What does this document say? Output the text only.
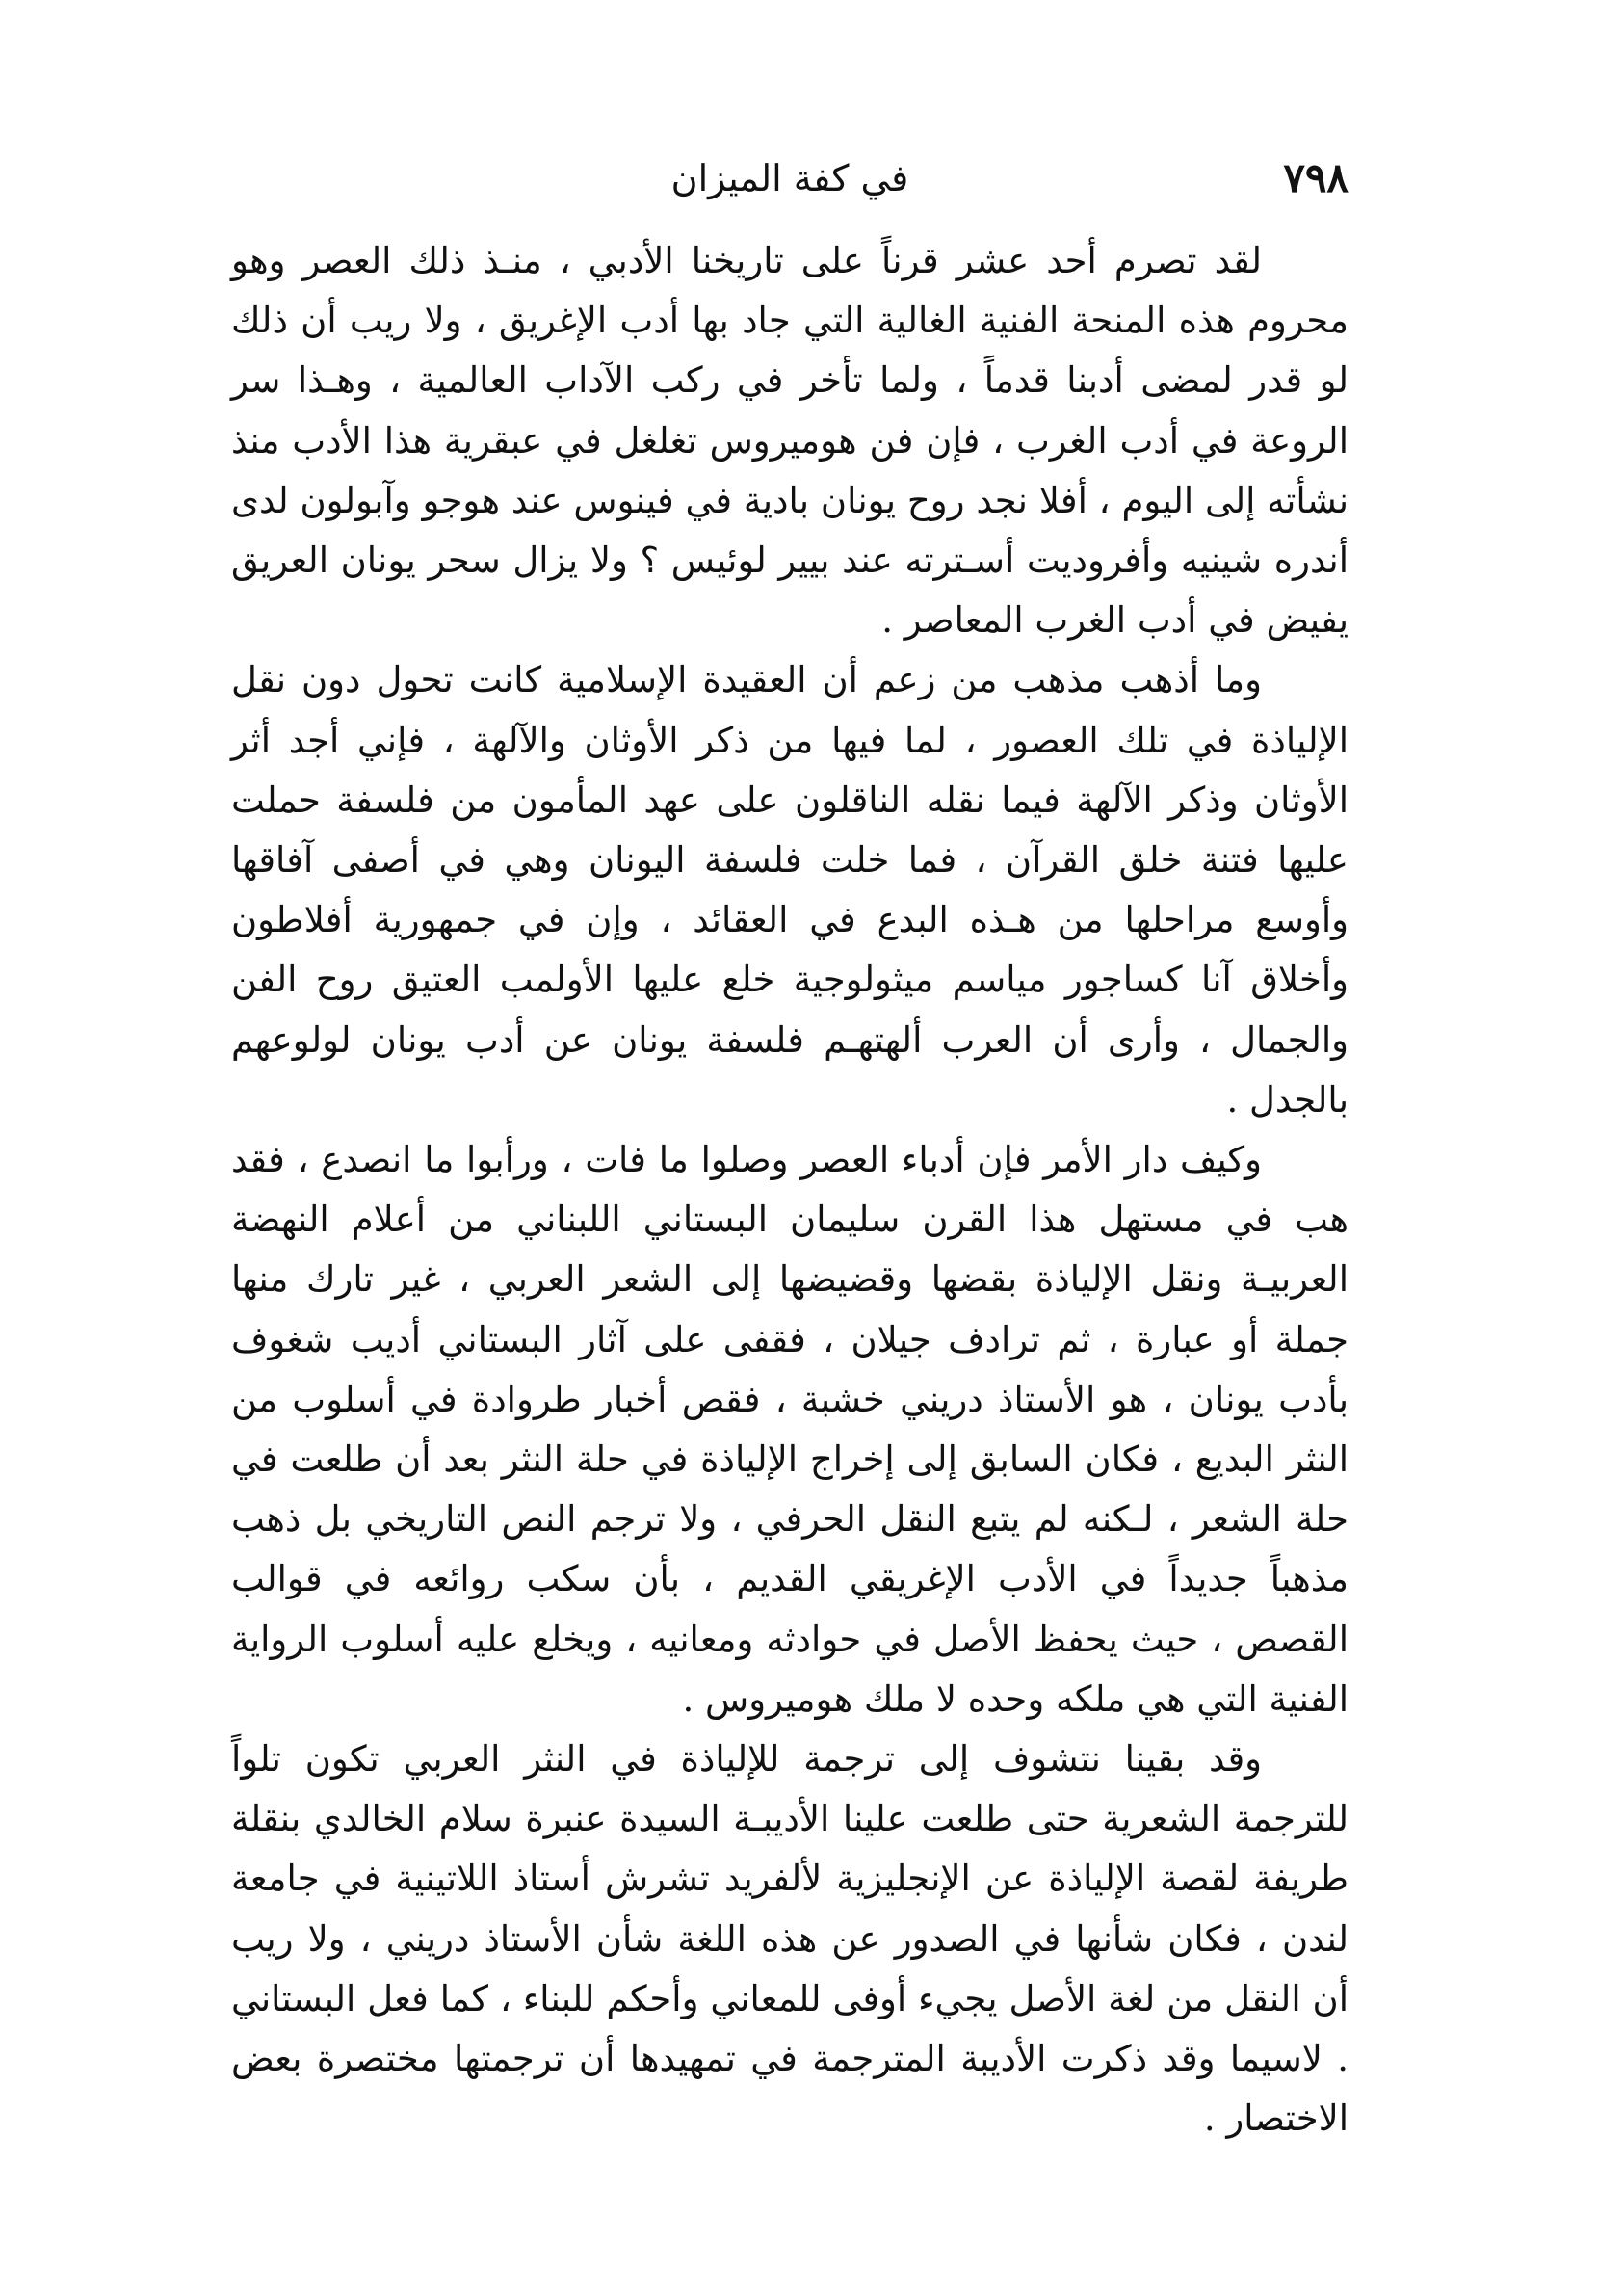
٧٩٨
في كفة الميزان

لقد تصرم أحد عشر قرناً على تاريخنا الأدبي ، منـذ ذلك العصر وهو محروم هذه المنحة الفنية الغالية التي جاد بها أدب الإغريق ، ولا ريب أن ذلك لو قدر لمضى أدبنا قدماً ، ولما تأخر في ركب الآداب العالمية ، وهـذا سر الروعة في أدب الغرب ، فإن فن هوميروس تغلغل في عبقرية هذا الأدب منذ نشأته إلى اليوم ، أفلا نجد روح يونان بادية في فينوس عند هوجو وآبولون لدى أندره شينيه وأفروديت أسـترته عند بيير لوئيس ؟ ولا يزال سحر يونان العريق يفيض في أدب الغرب المعاصر .

وما أذهب مذهب من زعم أن العقيدة الإسلامية كانت تحول دون نقل الإلياذة في تلك العصور ، لما فيها من ذكر الأوثان والآلهة ، فإني أجد أثر الأوثان وذكر الآلهة فيما نقله الناقلون على عهد المأمون من فلسفة حملت عليها فتنة خلق القرآن ، فما خلت فلسفة اليونان وهي في أصفى آفاقها وأوسع مراحلها من هـذه البدع في العقائد ، وإن في جمهورية أفلاطون وأخلاق آنا كساجور مياسم ميثولوجية خلع عليها الأولمب العتيق روح الفن والجمال ، وأرى أن العرب ألهتهـم فلسفة يونان عن أدب يونان لولوعهم بالجدل .

وكيف دار الأمر فإن أدباء العصر وصلوا ما فات ، ورأبوا ما انصدع ، فقد هب في مستهل هذا القرن سليمان البستاني اللبناني من أعلام النهضة العربيـة ونقل الإلياذة بقضها وقضيضها إلى الشعر العربي ، غير تارك منها جملة أو عبارة ، ثم ترادف جيلان ، فقفى على آثار البستاني أديب شغوف بأدب يونان ، هو الأستاذ دريني خشبة ، فقص أخبار طروادة في أسلوب من النثر البديع ، فكان السابق إلى إخراج الإلياذة في حلة النثر بعد أن طلعت في حلة الشعر ، لـكنه لم يتبع النقل الحرفي ، ولا ترجم النص التاريخي بل ذهب مذهباً جديداً في الأدب الإغريقي القديم ، بأن سكب روائعه في قوالب القصص ، حيث يحفظ الأصل في حوادثه ومعانيه ، ويخلع عليه أسلوب الرواية الفنية التي هي ملكه وحده لا ملك هوميروس .

وقد بقينا نتشوف إلى ترجمة للإلياذة في النثر العربي تكون تلواً للترجمة الشعرية حتى طلعت علينا الأديبـة السيدة عنبرة سلام الخالدي بنقلة طريفة لقصة الإلياذة عن الإنجليزية لألفريد تشرش أستاذ اللاتينية في جامعة لندن ، فكان شأنها في الصدور عن هذه اللغة شأن الأستاذ دريني ، ولا ريب أن النقل من لغة الأصل يجيء أوفى للمعاني وأحكم للبناء ، كما فعل البستاني . لاسيما وقد ذكرت الأديبة المترجمة في تمهيدها أن ترجمتها مختصرة بعض الاختصار .
